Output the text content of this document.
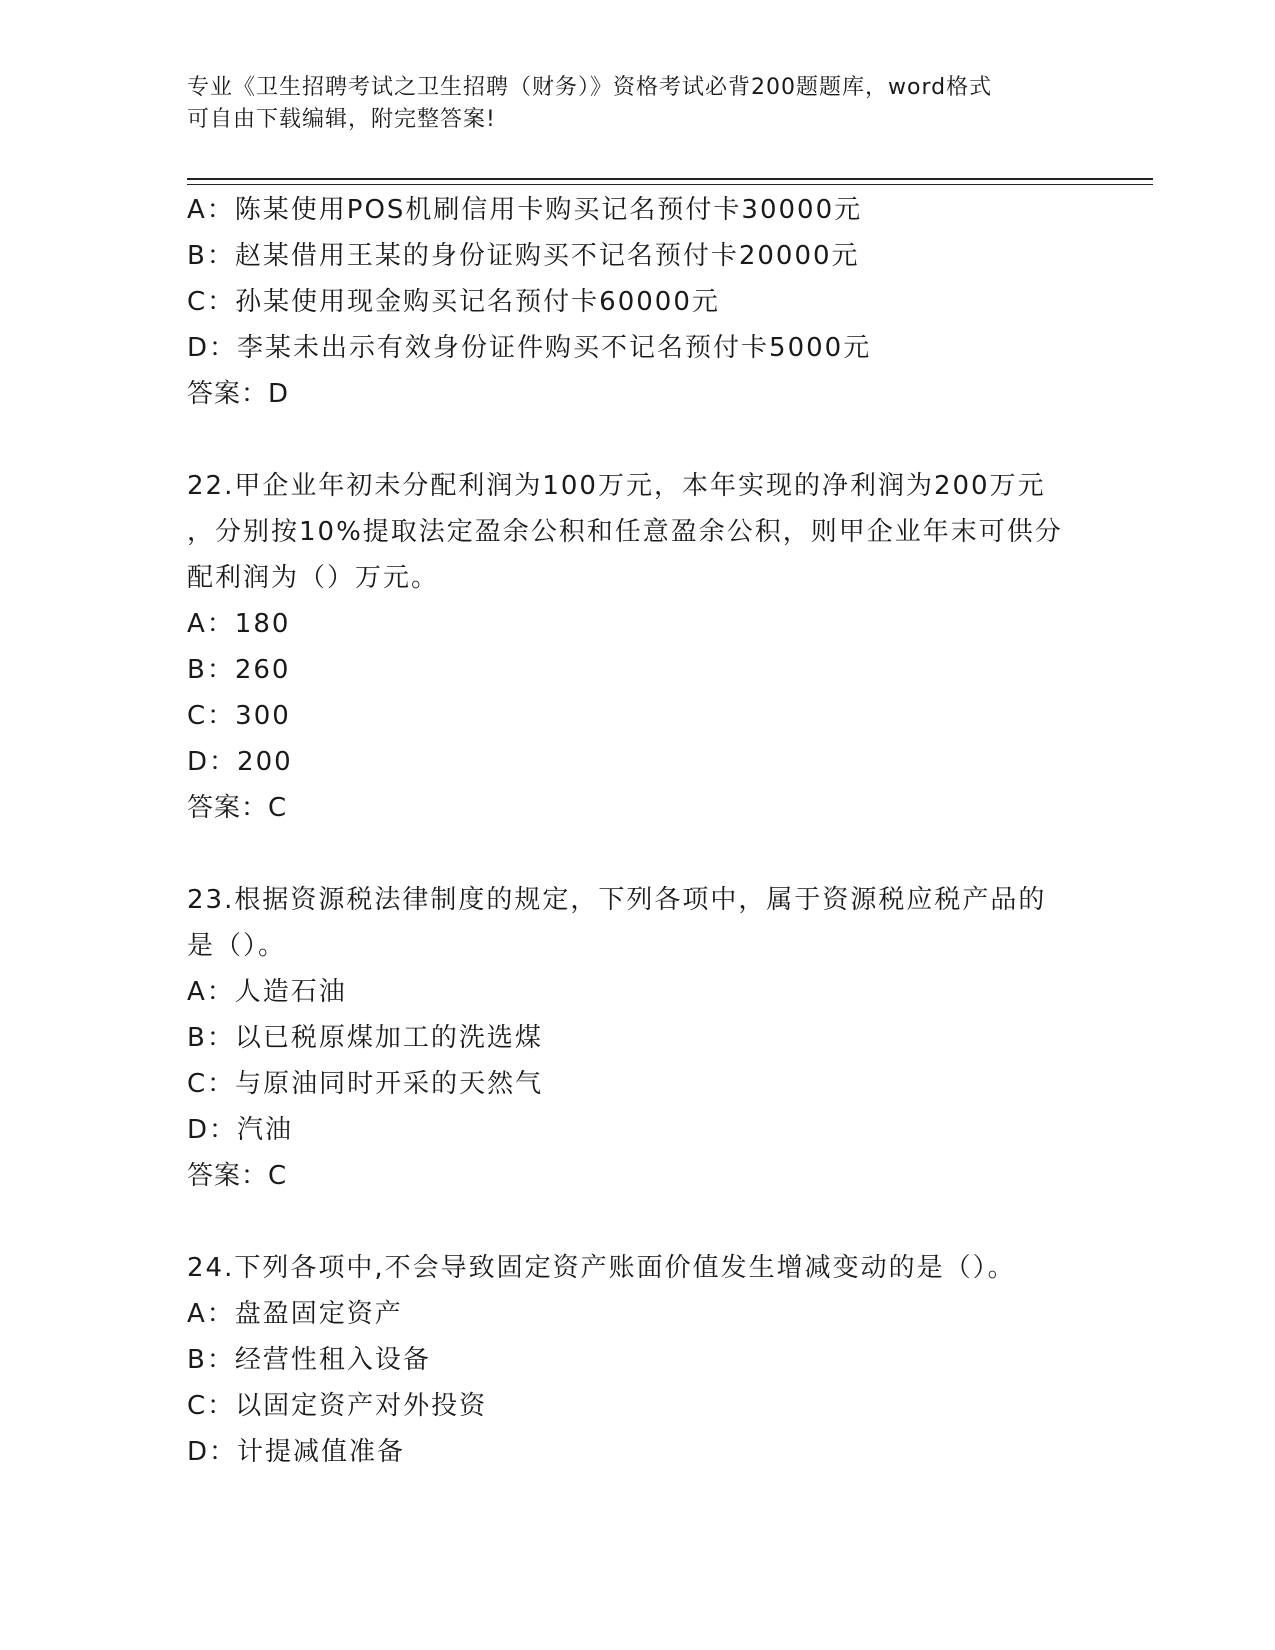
专业《卫生招聘考试之卫生招聘（财务）》资格考试必背200题题库，word格式
可自由下载编辑，附完整答案!
A：陈某使用POS机刷信用卡购买记名预付卡30000元
B：赵某借用王某的身份证购买不记名预付卡20000元
C：孙某使用现金购买记名预付卡60000元
D：李某未出示有效身份证件购买不记名预付卡5000元
答案：D
22.甲企业年初未分配利润为100万元，本年实现的净利润为200万元
，分别按10%提取法定盈余公积和任意盈余公积，则甲企业年末可供分
配利润为（）万元。
A：180
B：260
C：300
D：200
答案：C
23.根据资源税法律制度的规定，下列各项中，属于资源税应税产品的
是（）。
A：人造石油
B：以已税原煤加工的洗选煤
C：与原油同时开采的天然气
D：汽油
答案：C
24.下列各项中,不会导致固定资产账面价值发生增减变动的是（）。
A：盘盈固定资产
B：经营性租入设备
C：以固定资产对外投资
D：计提减值准备
